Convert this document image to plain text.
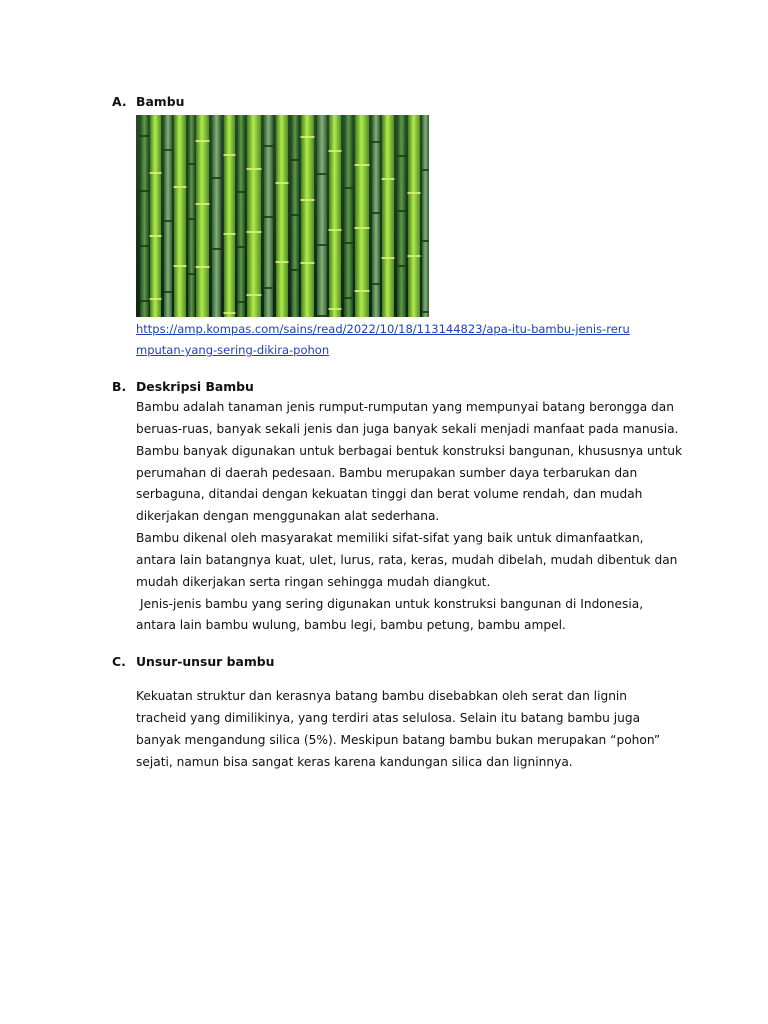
A. Bambu
https://amp.kompas.com/sains/read/2022/10/18/113144823/apa-itu-bambu-jenis-rerumputan-yang-sering-dikira-pohon
B. Deskripsi Bambu

Bambu adalah tanaman jenis rumput-rumputan yang mempunyai batang berongga dan

beruas-ruas, banyak sekali jenis dan juga banyak sekali menjadi manfaat pada manusia.

Bambu banyak digunakan untuk berbagai bentuk konstruksi bangunan, khususnya untuk

perumahan di daerah pedesaan. Bambu merupakan sumber daya terbarukan dan

serbaguna, ditandai dengan kekuatan tinggi dan berat volume rendah, dan mudah

dikerjakan dengan menggunakan alat sederhana.

Bambu dikenal oleh masyarakat memiliki sifat-sifat yang baik untuk dimanfaatkan,

antara lain batangnya kuat, ulet, lurus, rata, keras, mudah dibelah, mudah dibentuk dan

mudah dikerjakan serta ringan sehingga mudah diangkut.

Jenis-jenis bambu yang sering digunakan untuk konstruksi bangunan di Indonesia,

antara lain bambu wulung, bambu legi, bambu petung, bambu ampel.

C. Unsur-unsur bambu

Kekuatan struktur dan kerasnya batang bambu disebabkan oleh serat dan lignin

tracheid yang dimilikinya, yang terdiri atas selulosa. Selain itu batang bambu juga

banyak mengandung silica (5%). Meskipun batang bambu bukan merupakan “pohon”

sejati, namun bisa sangat keras karena kandungan silica dan ligninnya.
